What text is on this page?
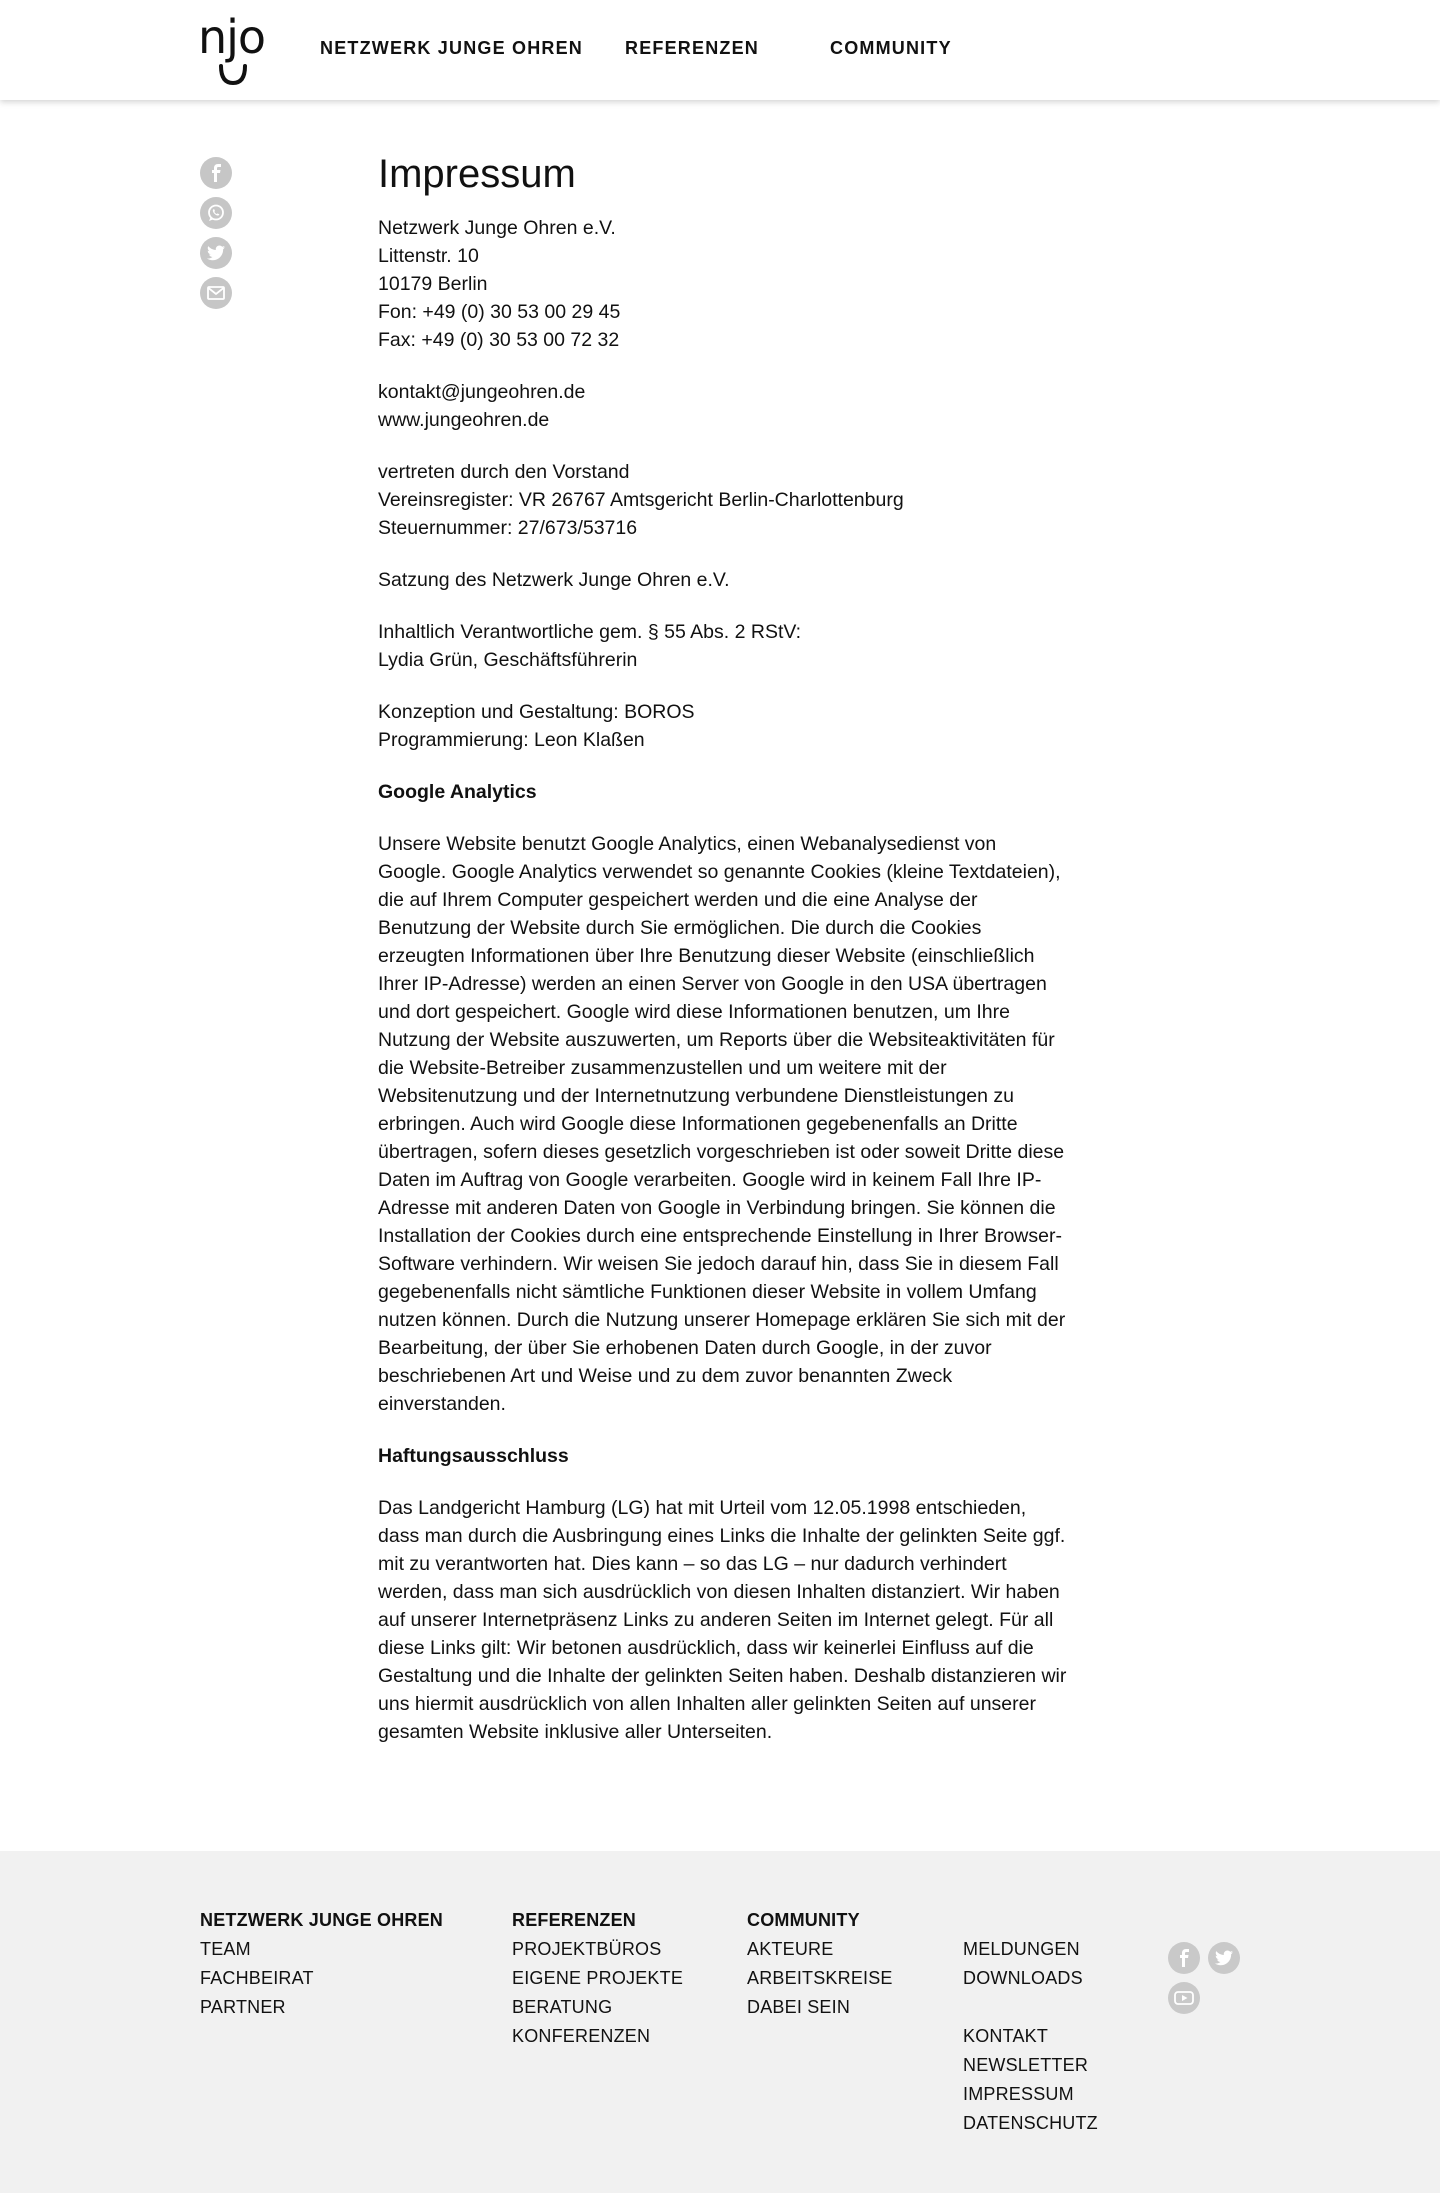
njo	NETZWERK JUNGE OHREN REFERENZEN	COMMUNITY
Impressum

Netzwerk Junge Ohren e.V.
Littenstr. 10
10179 Berlin
Fon: +49 (0) 30 53 00 29 45
Fax: +49 (0) 30 53 00 72 32

kontakt@jungeohren.de
www.jungeohren.de

vertreten durch den Vorstand
Vereinsregister: VR 26767 Amtsgericht Berlin-Charlottenburg
Steuernummer: 27/673/53716

Satzung des Netzwerk Junge Ohren e.V.

Inhaltlich Verantwortliche gem. § 55 Abs. 2 RStV:
Lydia Grün, Geschäftsführerin

Konzeption und Gestaltung: BOROS
Programmierung: Leon Klaßen

Google Analytics

Unsere Website benutzt Google Analytics, einen Webanalysedienst von Google. Google Analytics verwendet so genannte Cookies (kleine Textdateien), die auf Ihrem Computer gespeichert werden und die eine Analyse der Benutzung der Website durch Sie ermöglichen. Die durch die Cookies erzeugten Informationen über Ihre Benutzung dieser Website (einschließlich Ihrer IP-Adresse) werden an einen Server von Google in den USA übertragen und dort gespeichert. Google wird diese Informationen benutzen, um Ihre Nutzung der Website auszuwerten, um Reports über die Websiteaktivitäten für die Website-Betreiber zusammenzustellen und um weitere mit der Websitenutzung und der Internetnutzung verbundene Dienstleistungen zu erbringen. Auch wird Google diese Informationen gegebenenfalls an Dritte übertragen, sofern dieses gesetzlich vorgeschrieben ist oder soweit Dritte diese Daten im Auftrag von Google verarbeiten. Google wird in keinem Fall Ihre IP-Adresse mit anderen Daten von Google in Verbindung bringen. Sie können die Installation der Cookies durch eine entsprechende Einstellung in Ihrer Browser-Software verhindern. Wir weisen Sie jedoch darauf hin, dass Sie in diesem Fall gegebenenfalls nicht sämtliche Funktionen dieser Website in vollem Umfang nutzen können. Durch die Nutzung unserer Homepage erklären Sie sich mit der Bearbeitung, der über Sie erhobenen Daten durch Google, in der zuvor beschriebenen Art und Weise und zu dem zuvor benannten Zweck einverstanden.

Haftungsausschluss

Das Landgericht Hamburg (LG) hat mit Urteil vom 12.05.1998 entschieden, dass man durch die Ausbringung eines Links die Inhalte der gelinkten Seite ggf. mit zu verantworten hat. Dies kann – so das LG – nur dadurch verhindert werden, dass man sich ausdrücklich von diesen Inhalten distanziert. Wir haben auf unserer Internetpräsenz Links zu anderen Seiten im Internet gelegt. Für all diese Links gilt: Wir betonen ausdrücklich, dass wir keinerlei Einfluss auf die Gestaltung und die Inhalte der gelinkten Seiten haben. Deshalb distanzieren wir uns hiermit ausdrücklich von allen Inhalten aller gelinkten Seiten auf unserer gesamten Website inklusive aller Unterseiten.

NETZWERK JUNGE OHREN
TEAM
FACHBEIRAT
PARTNER
REFERENZEN
PROJEKTBÜROS
EIGENE PROJEKTE
BERATUNG
KONFERENZEN
COMMUNITY
AKTEURE
ARBEITSKREISE
DABEI SEIN
MELDUNGEN
DOWNLOADS
KONTAKT
NEWSLETTER
IMPRESSUM
DATENSCHUTZ
